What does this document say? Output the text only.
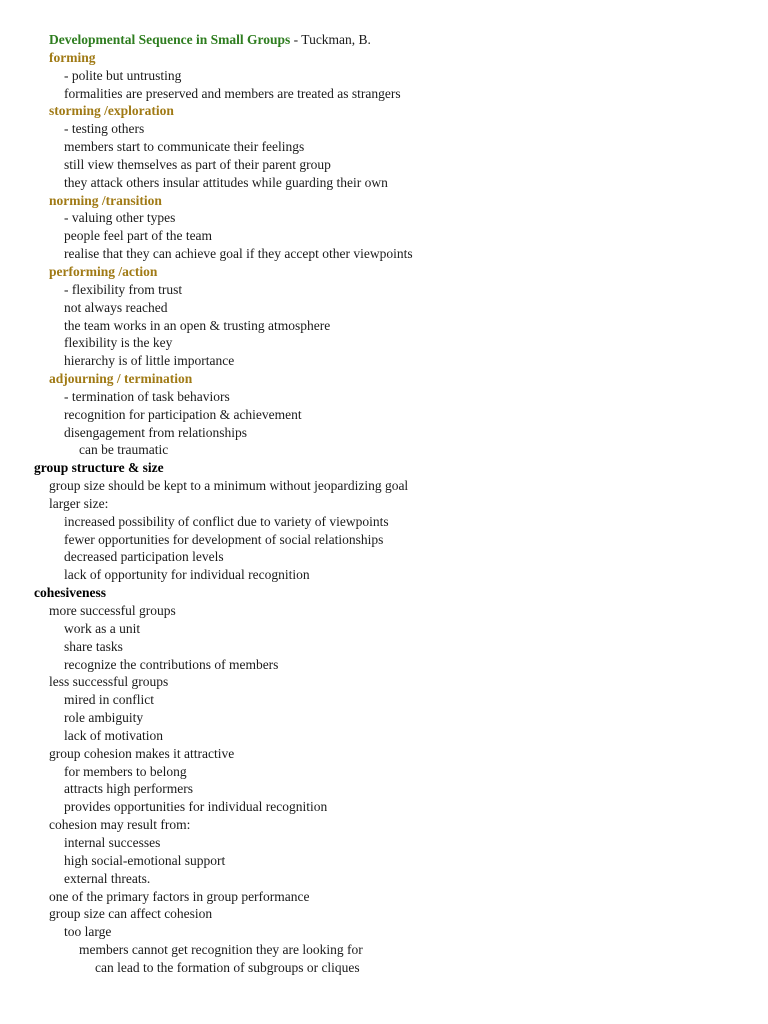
Developmental Sequence in Small Groups - Tuckman, B.
forming
- polite but untrusting
formalities are preserved and members are treated as strangers
storming /exploration
- testing others
members start to communicate their feelings
still view themselves as part of their parent group
they attack others insular attitudes while guarding their own
norming /transition
- valuing other types
people feel part of the team
realise that they can achieve goal if they accept other viewpoints
performing /action
- flexibility from trust
not always reached
the team works in an open & trusting atmosphere
flexibility is the key
hierarchy is of little importance
adjourning / termination
- termination of task behaviors
recognition for participation & achievement
disengagement from relationships
can be traumatic
group structure & size
group size should be kept to a minimum without jeopardizing goal
larger size:
increased possibility of conflict due to variety of viewpoints
fewer opportunities for development of social relationships
decreased participation levels
lack of opportunity for individual recognition
cohesiveness
more successful groups
work as a unit
share tasks
recognize the contributions of members
less successful groups
mired in conflict
role ambiguity
lack of motivation
group cohesion makes it attractive
for members to belong
attracts high performers
provides opportunities for individual recognition
cohesion may result from:
internal successes
high social-emotional support
external threats.
one of the primary factors in group performance
group size can affect cohesion
too large
members cannot get recognition they are looking for
can lead to the formation of subgroups or cliques
